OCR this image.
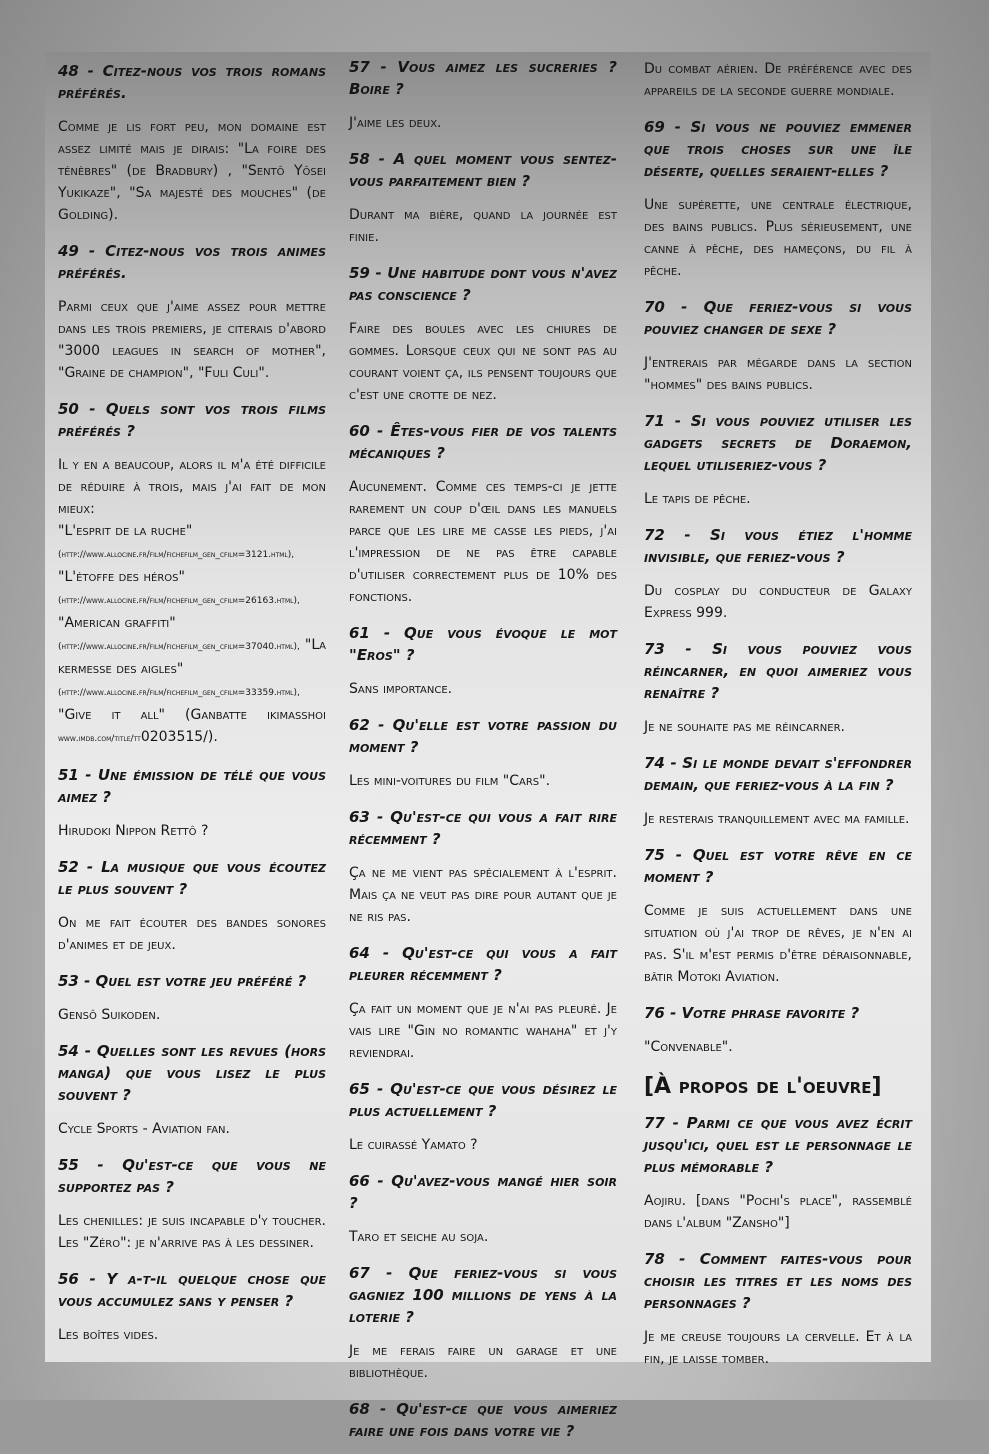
48 - Citez-nous vos trois romans préférés.

Comme je lis fort peu, mon domaine est assez limité mais je dirais: "La foire des ténèbres" (de Bradbury) , "Sentô Yôsei Yukikaze", "Sa majesté des mouches" (de Golding).

49 - Citez-nous vos trois animes préférés.

Parmi ceux que j'aime assez pour mettre dans les trois premiers, je citerais d'abord "3000 leagues in search of mother", "Graine de champion", "Fuli Culi".

50 - Quels sont vos trois films préférés ?

Il y en a beaucoup, alors il m'a été difficile de réduire à trois, mais j'ai fait de mon mieux:
"L'esprit de la ruche"
(http://www.allocine.fr/film/fichefilm_gen_cfilm=3121.html), "L'étoffe des héros"
(http://www.allocine.fr/film/fichefilm_gen_cfilm=26163.html), "American graffiti"
(http://www.allocine.fr/film/fichefilm_gen_cfilm=37040.html), "La kermesse des aigles"
(http://www.allocine.fr/film/fichefilm_gen_cfilm=33359.html), "Give it all" (Ganbatte ikimasshoi www.imdb.com/title/tt0203515/).

51 - Une émission de télé que vous aimez ?

Hirudoki Nippon Rettô ?

52 - La musique que vous écoutez le plus souvent ?

On me fait écouter des bandes sonores d'animes et de jeux.

53 - Quel est votre jeu préféré ?

Gensô Suikoden.

54 - Quelles sont les revues (hors manga) que vous lisez le plus souvent ?

Cycle Sports - Aviation fan.

55 - Qu'est-ce que vous ne supportez pas ?

Les chenilles: je suis incapable d'y toucher. Les "Zéro": je n'arrive pas à les dessiner.

56 - Y a-t-il quelque chose que vous accumulez sans y penser ?

Les boîtes vides.

57 - Vous aimez les sucreries ? Boire ?

J'aime les deux.

58 - A quel moment vous sentez-vous parfaitement bien ?

Durant ma bière, quand la journée est finie.

59 - Une habitude dont vous n'avez pas conscience ?

Faire des boules avec les chiures de gommes. Lorsque ceux qui ne sont pas au courant voient ça, ils pensent toujours que c'est une crotte de nez.

60 - Êtes-vous fier de vos talents mécaniques ?

Aucunement. Comme ces temps-ci je jette rarement un coup d'œil dans les manuels parce que les lire me casse les pieds, j'ai l'impression de ne pas être capable d'utiliser correctement plus de 10% des fonctions.

61 - Que vous évoque le mot "Eros" ?

Sans importance.

62 - Qu'elle est votre passion du moment ?

Les mini-voitures du film "Cars".

63 - Qu'est-ce qui vous a fait rire récemment ?

Ça ne me vient pas spécialement à l'esprit. Mais ça ne veut pas dire pour autant que je ne ris pas.

64 - Qu'est-ce qui vous a fait pleurer récemment ?

Ça fait un moment que je n'ai pas pleuré. Je vais lire "Gin no romantic wahaha" et j'y reviendrai.

65 - Qu'est-ce que vous désirez le plus actuellement ?

Le cuirassé Yamato ?

66 - Qu'avez-vous mangé hier soir ?

Taro et seiche au soja.

67 - Que feriez-vous si vous gagniez 100 millions de yens à la loterie ?

Je me ferais faire un garage et une bibliothèque.

68 - Qu'est-ce que vous aimeriez faire une fois dans votre vie ?

Du combat aérien. De préférence avec des appareils de la seconde guerre mondiale.

69 - Si vous ne pouviez emmener que trois choses sur une île déserte, quelles seraient-elles ?

Une supérette, une centrale électrique, des bains publics. Plus sérieusement, une canne à pêche, des hameçons, du fil à pêche.

70 - Que feriez-vous si vous pouviez changer de sexe ?

J'entrerais par mégarde dans la section "hommes" des bains publics.

71 - Si vous pouviez utiliser les gadgets secrets de Doraemon, lequel utiliseriez-vous ?

Le tapis de pêche.

72 - Si vous étiez l'homme invisible, que feriez-vous ?

Du cosplay du conducteur de Galaxy Express 999.

73 - Si vous pouviez vous réincarner, en quoi aimeriez vous renaître ?

Je ne souhaite pas me réincarner.

74 - Si le monde devait s'effondrer demain, que feriez-vous à la fin ?

Je resterais tranquillement avec ma famille.

75 - Quel est votre rêve en ce moment ?

Comme je suis actuellement dans une situation où j'ai trop de rêves, je n'en ai pas. S'il m'est permis d'être déraisonnable, bâtir Motoki Aviation.

76 - Votre phrase favorite ?

"Convenable".

[À propos de l'oeuvre]

77 - Parmi ce que vous avez écrit jusqu'ici, quel est le personnage le plus mémorable ?

Aojiru. [dans "Pochi's place", rassemblé dans l'album "Zansho"]

78 - Comment faites-vous pour choisir les titres et les noms des personnages ?

Je me creuse toujours la cervelle. Et à la fin, je laisse tomber.
